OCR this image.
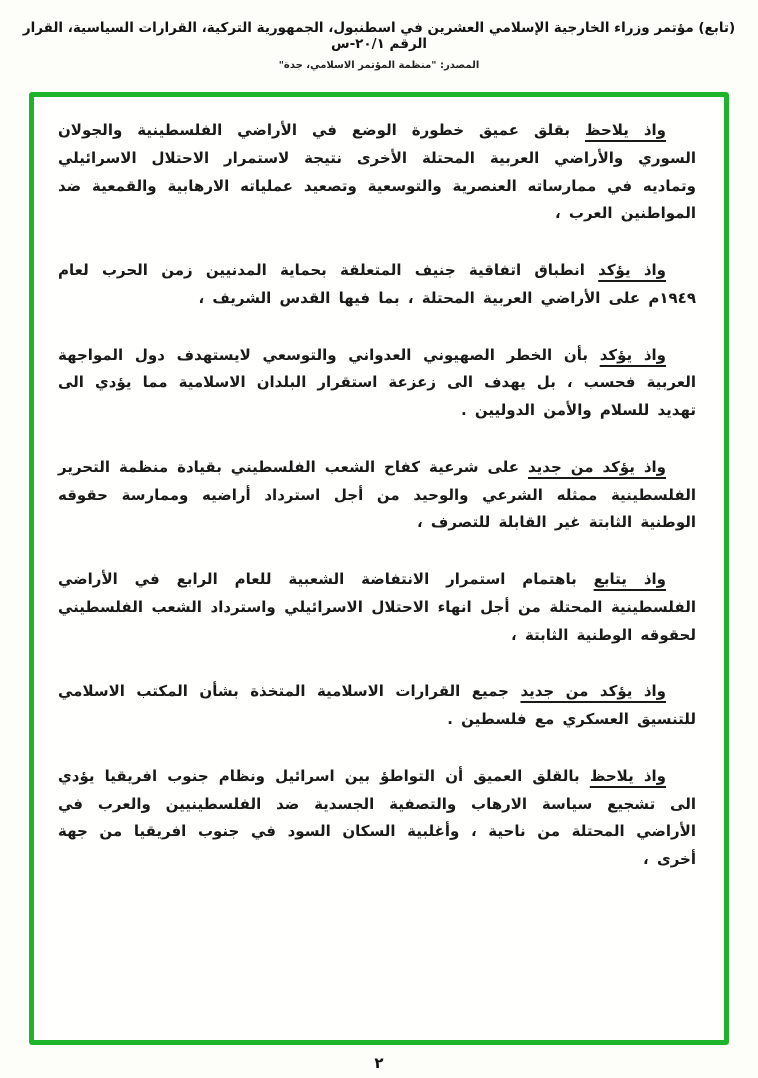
(تابع) مؤتمر وزراء الخارجية الإسلامي العشرين في اسطنبول، الجمهورية التركية، القرارات السياسية، القرار الرقم ٢٠/١-س
المصدر: "منظمة المؤتمر الاسلامي، جدة"
واذ يلاحظ بقلق عميق خطورة الوضع في الأراضي الفلسطينية والجولان السوري والأراضي العربية المحتلة الأخرى نتيجة لاستمرار الاحتلال الاسرائيلي وتماديه في ممارساته العنصرية والتوسعية وتصعيد عملياته الارهابية والقمعية ضد المواطنين العرب ،
واذ يؤكد انطباق اتفاقية جنيف المتعلقة بحماية المدنيين زمن الحرب لعام ١٩٤٩م على الأراضي العربية المحتلة ، بما فيها القدس الشريف ،
واذ يؤكد بأن الخطر الصهيوني العدواني والتوسعي لايستهدف دول المواجهة العربية فحسب ، بل يهدف الى زعزعة استقرار البلدان الاسلامية مما يؤدي الى تهديد للسلام والأمن الدوليين .
واذ يؤكد من جديد على شرعية كفاح الشعب الفلسطيني بقيادة منظمة التحرير الفلسطينية ممثله الشرعي والوحيد من أجل استرداد أراضيه وممارسة حقوقه الوطنية الثابتة غير القابلة للتصرف ،
واذ يتابع باهتمام استمرار الانتفاضة الشعبية للعام الرابع في الأراضي الفلسطينية المحتلة من أجل انهاء الاحتلال الاسرائيلي واسترداد الشعب الفلسطيني لحقوقه الوطنية الثابتة ،
واذ يؤكد من جديد جميع القرارات الاسلامية المتخذة بشأن المكتب الاسلامي للتنسيق العسكري مع فلسطين .
واذ يلاحظ بالقلق العميق أن التواطؤ بين اسرائيل ونظام جنوب افريقيا يؤدي الى تشجيع سياسة الارهاب والتصفية الجسدية ضد الفلسطينيين والعرب في الأراضي المحتلة من ناحية ، وأغلبية السكان السود في جنوب افريقيا من جهة أخرى ،
٢
